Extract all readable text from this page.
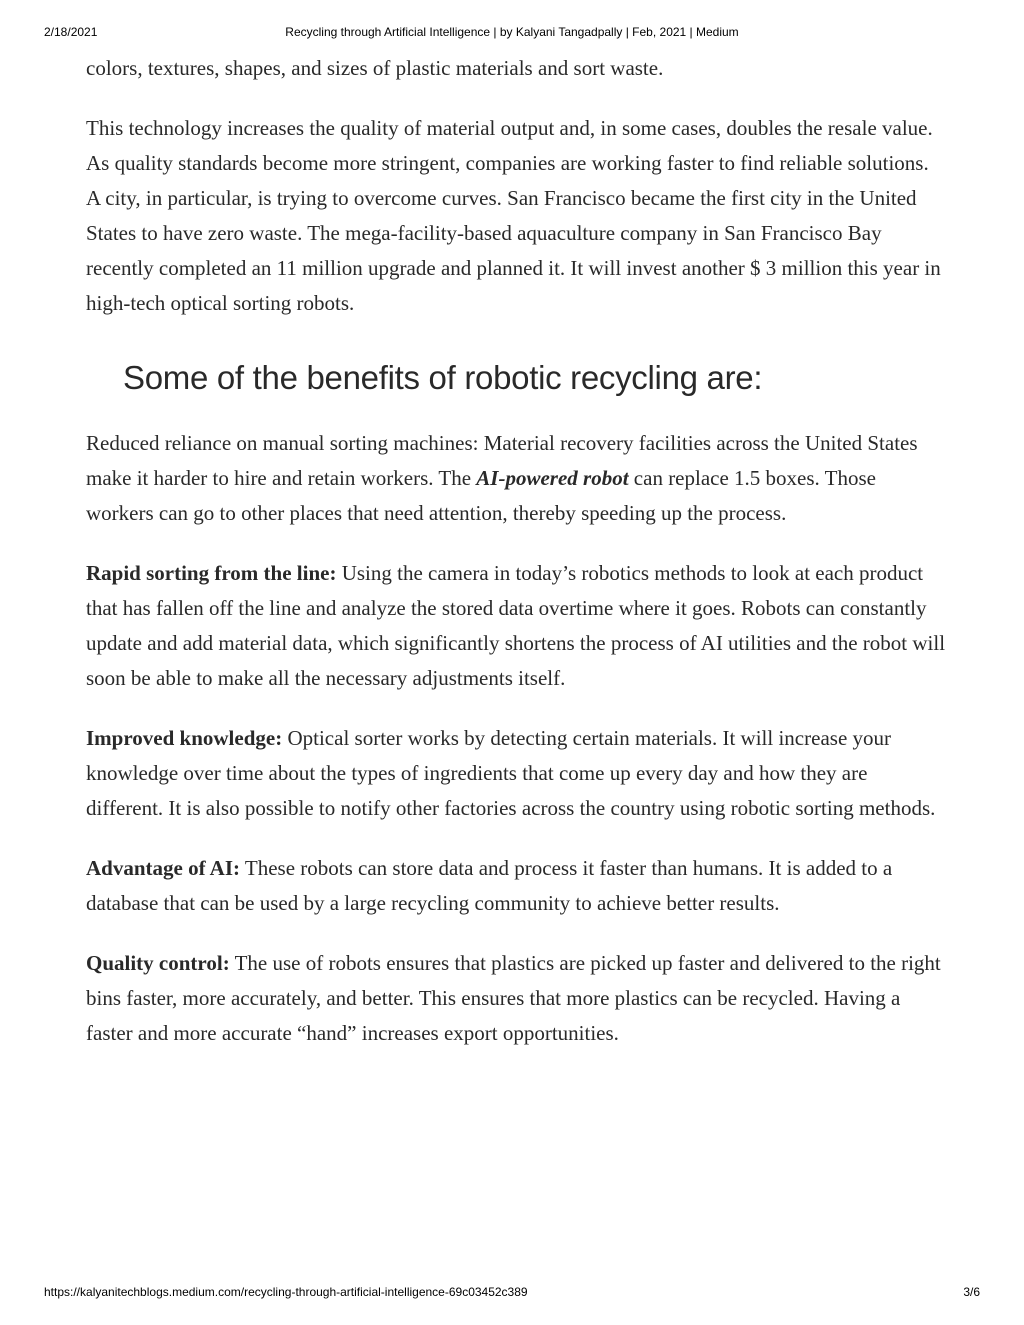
2/18/2021	Recycling through Artificial Intelligence | by Kalyani Tangadpally | Feb, 2021 | Medium

colors, textures, shapes, and sizes of plastic materials and sort waste.

This technology increases the quality of material output and, in some cases, doubles the resale value. As quality standards become more stringent, companies are working faster to find reliable solutions. A city, in particular, is trying to overcome curves. San Francisco became the first city in the United States to have zero waste. The mega-facility-based aquaculture company in San Francisco Bay recently completed an 11 million upgrade and planned it. It will invest another $ 3 million this year in high-tech optical sorting robots.

Some of the benefits of robotic recycling are:

Reduced reliance on manual sorting machines: Material recovery facilities across the United States make it harder to hire and retain workers. The AI-powered robot can replace 1.5 boxes. Those workers can go to other places that need attention, thereby speeding up the process.

Rapid sorting from the line: Using the camera in today’s robotics methods to look at each product that has fallen off the line and analyze the stored data overtime where it goes. Robots can constantly update and add material data, which significantly shortens the process of AI utilities and the robot will soon be able to make all the necessary adjustments itself.

Improved knowledge: Optical sorter works by detecting certain materials. It will increase your knowledge over time about the types of ingredients that come up every day and how they are different. It is also possible to notify other factories across the country using robotic sorting methods.

Advantage of AI: These robots can store data and process it faster than humans. It is added to a database that can be used by a large recycling community to achieve better results.

Quality control: The use of robots ensures that plastics are picked up faster and delivered to the right bins faster, more accurately, and better. This ensures that more plastics can be recycled. Having a faster and more accurate “hand” increases export opportunities.

https://kalyanitechblogs.medium.com/recycling-through-artificial-intelligence-69c03452c389	3/6
